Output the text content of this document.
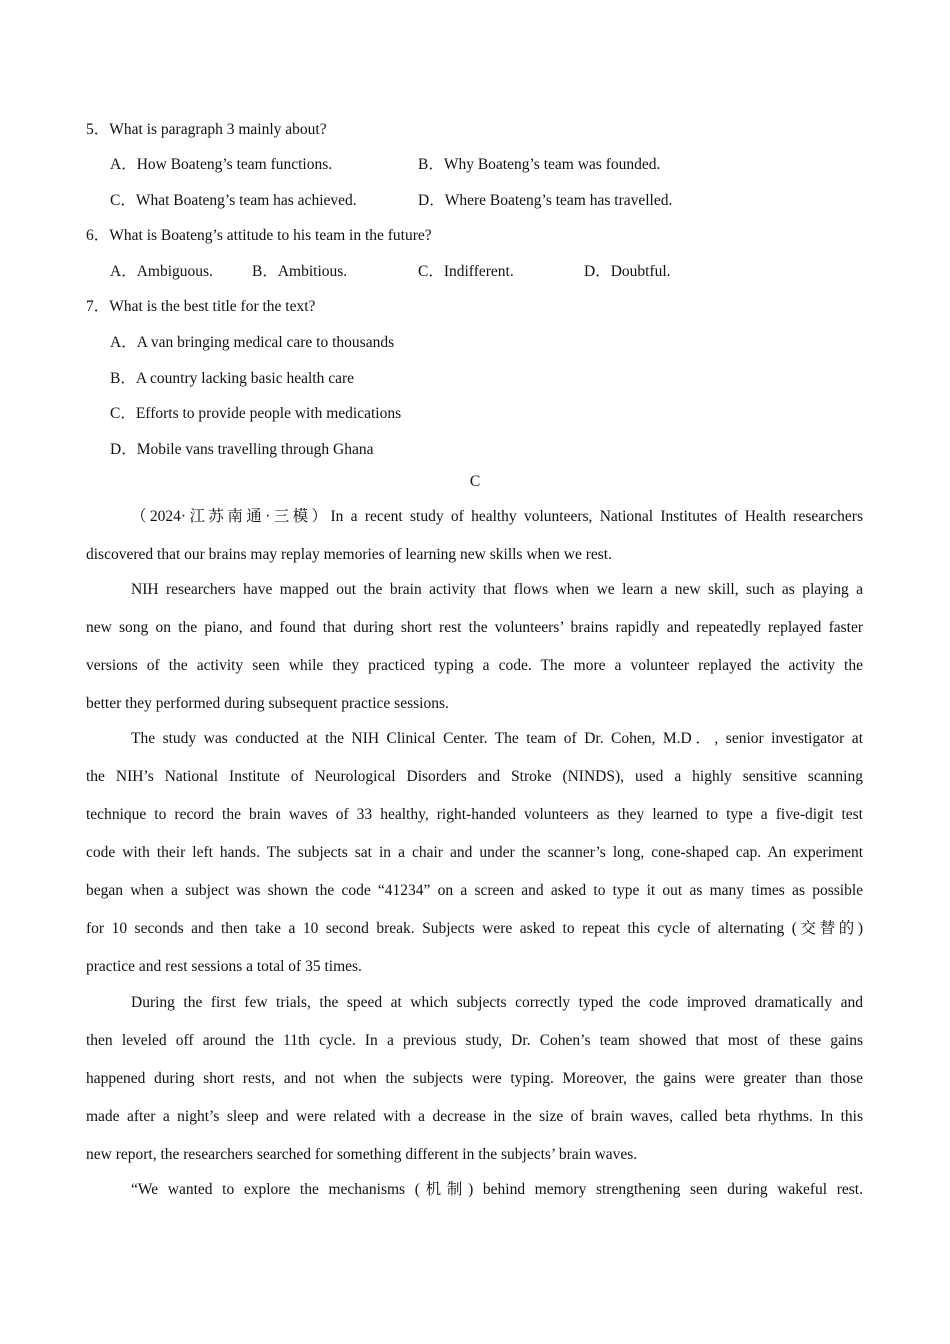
5．What is paragraph 3 mainly about?
A．How Boateng’s team functions.	B．Why Boateng’s team was founded.
C．What Boateng’s team has achieved.	D．Where Boateng’s team has travelled.
6．What is Boateng’s attitude to his team in the future?
A．Ambiguous.	B．Ambitious.	C．Indifferent.	D．Doubtful.
7．What is the best title for the text?
A．A van bringing medical care to thousands
B．A country lacking basic health care
C．Efforts to provide people with medications
D．Mobile vans travelling through Ghana
C
（2024·江苏南通·三模）In a recent study of healthy volunteers, National Institutes of Health researchers
discovered that our brains may replay memories of learning new skills when we rest.
NIH researchers have mapped out the brain activity that flows when we learn a new skill, such as playing a
new song on the piano, and found that during short rest the volunteers’ brains rapidly and repeatedly replayed faster
versions of the activity seen while they practiced typing a code. The more a volunteer replayed the activity the
better they performed during subsequent practice sessions.
The study was conducted at the NIH Clinical Center. The team of Dr. Cohen, M.D．, senior investigator at
the NIH’s National Institute of Neurological Disorders and Stroke (NINDS), used a highly sensitive scanning
technique to record the brain waves of 33 healthy, right-handed volunteers as they learned to type a five-digit test
code with their left hands. The subjects sat in a chair and under the scanner’s long, cone-shaped cap. An experiment
began when a subject was shown the code “41234” on a screen and asked to type it out as many times as possible
for 10 seconds and then take a 10 second break. Subjects were asked to repeat this cycle of alternating (交替的)
practice and rest sessions a total of 35 times.
During the first few trials, the speed at which subjects correctly typed the code improved dramatically and
then leveled off around the 11th cycle. In a previous study, Dr. Cohen’s team showed that most of these gains
happened during short rests, and not when the subjects were typing. Moreover, the gains were greater than those
made after a night’s sleep and were related with a decrease in the size of brain waves, called beta rhythms. In this
new report, the researchers searched for something different in the subjects’ brain waves.
“We wanted to explore the mechanisms (机制) behind memory strengthening seen during wakeful rest.
